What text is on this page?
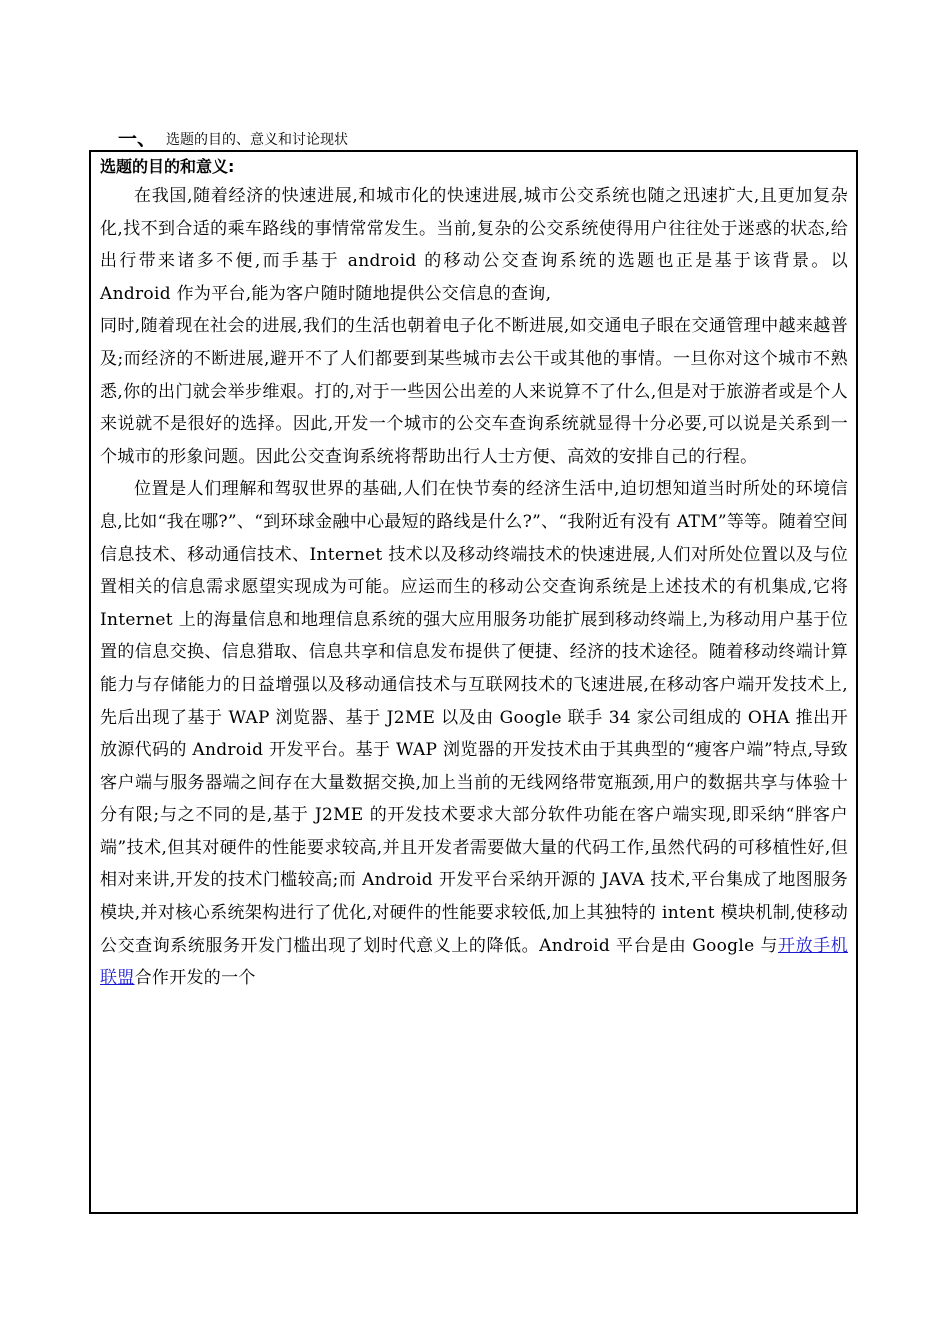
一、 选题的目的、意义和讨论现状
选题的目的和意义:

在我国,随着经济的快速进展,和城市化的快速进展,城市公交系统也随之迅速扩大,且更加复杂化,找不到合适的乘车路线的事情常常发生。当前,复杂的公交系统使得用户往往处于迷惑的状态,给出行带来诸多不便,而手基于 android 的移动公交查询系统的选题也正是基于该背景。以 Android 作为平台,能为客户随时随地提供公交信息的查询,

同时,随着现在社会的进展,我们的生活也朝着电子化不断进展,如交通电子眼在交通管理中越来越普及;而经济的不断进展,避开不了人们都要到某些城市去公干或其他的事情。一旦你对这个城市不熟悉,你的出门就会举步维艰。打的,对于一些因公出差的人来说算不了什么,但是对于旅游者或是个人来说就不是很好的选择。因此,开发一个城市的公交车查询系统就显得十分必要,可以说是关系到一个城市的形象问题。因此公交查询系统将帮助出行人士方便、高效的安排自己的行程。

位置是人们理解和驾驭世界的基础,人们在快节奏的经济生活中,迫切想知道当时所处的环境信息,比如“我在哪?”、“到环球金融中心最短的路线是什么?”、“我附近有没有 ATM”等等。随着空间信息技术、移动通信技术、Internet 技术以及移动终端技术的快速进展,人们对所处位置以及与位置相关的信息需求愿望实现成为可能。应运而生的移动公交查询系统是上述技术的有机集成,它将 Internet 上的海量信息和地理信息系统的强大应用服务功能扩展到移动终端上,为移动用户基于位置的信息交换、信息猎取、信息共享和信息发布提供了便捷、经济的技术途径。随着移动终端计算能力与存储能力的日益增强以及移动通信技术与互联网技术的飞速进展,在移动客户端开发技术上,先后出现了基于 WAP 浏览器、基于 J2ME 以及由 Google 联手 34 家公司组成的 OHA 推出开放源代码的 Android 开发平台。基于 WAP 浏览器的开发技术由于其典型的“瘦客户端”特点,导致客户端与服务器端之间存在大量数据交换,加上当前的无线网络带宽瓶颈,用户的数据共享与体验十分有限;与之不同的是,基于 J2ME 的开发技术要求大部分软件功能在客户端实现,即采纳“胖客户端”技术,但其对硬件的性能要求较高,并且开发者需要做大量的代码工作,虽然代码的可移植性好,但相对来讲,开发的技术门槛较高;而 Android 开发平台采纳开源的 JAVA 技术,平台集成了地图服务模块,并对核心系统架构进行了优化,对硬件的性能要求较低,加上其独特的 intent 模块机制,使移动公交查询系统服务开发门槛出现了划时代意义上的降低。Android 平台是由 Google 与开放手机联盟合作开发的一个
